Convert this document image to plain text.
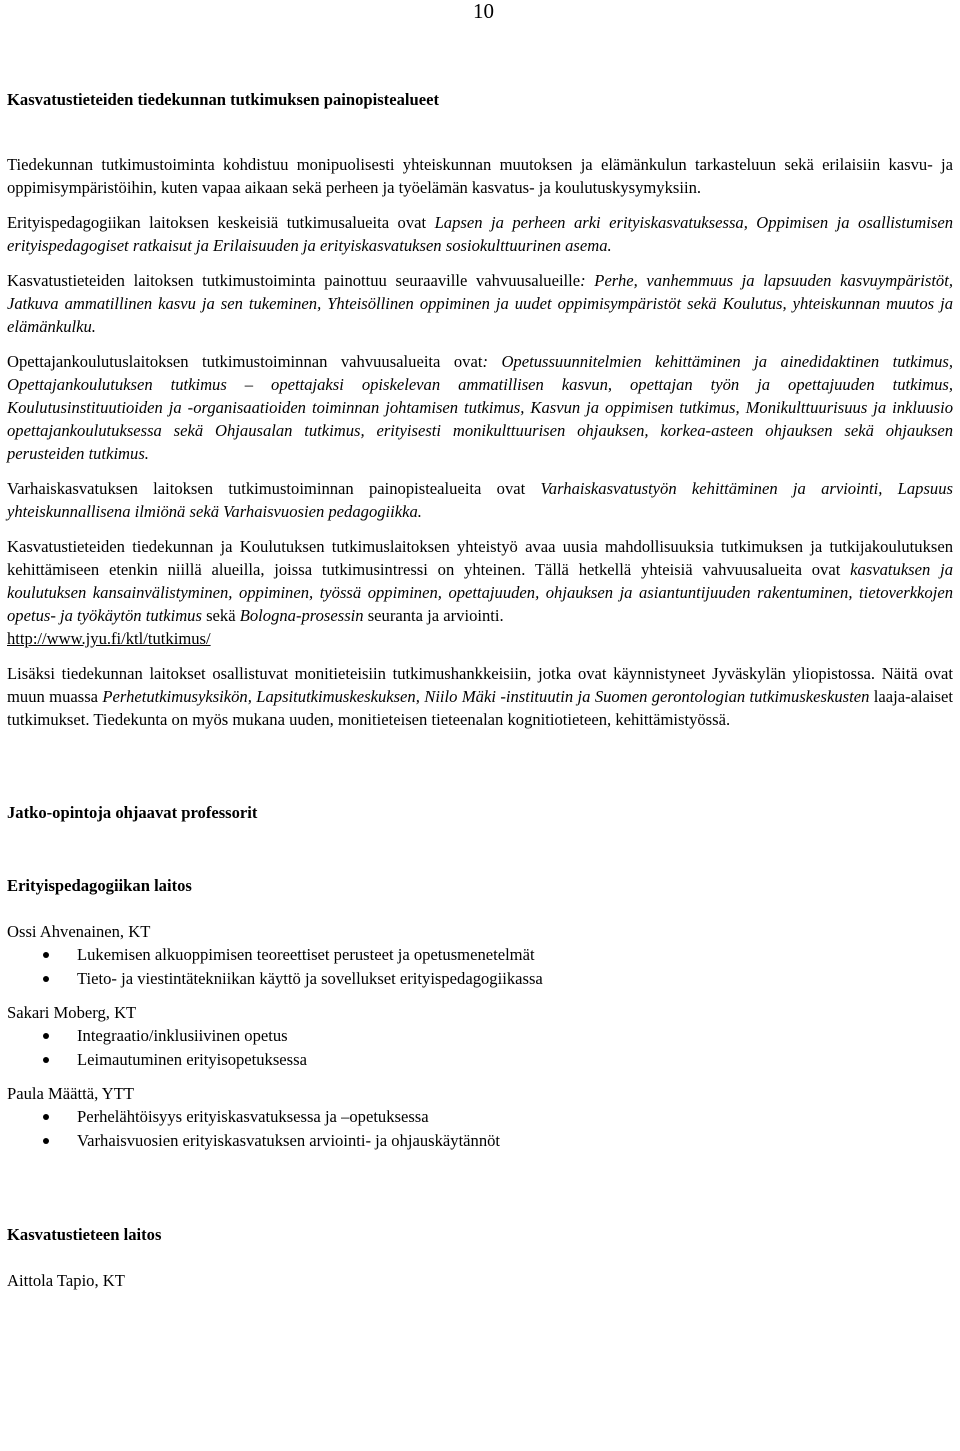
10
Kasvatustieteiden tiedekunnan tutkimuksen painopistealueet

Tiedekunnan tutkimustoiminta kohdistuu monipuolisesti yhteiskunnan muutoksen ja elämänkulun tarkasteluun sekä erilaisiin kasvu- ja oppimisympäristöihin, kuten vapaa aikaan sekä perheen ja työelämän kasvatus- ja koulutuskysymyksiin.

Erityispedagogiikan laitoksen keskeisiä tutkimusalueita ovat Lapsen ja perheen arki erityiskasvatuksessa, Oppimisen ja osallistumisen erityispedagogiset ratkaisut ja Erilaisuuden ja erityiskasvatuksen sosiokulttuurinen asema.

Kasvatustieteiden laitoksen tutkimustoiminta painottuu seuraaville vahvuusalueille: Perhe, vanhemmuus ja lapsuuden kasvuympäristöt, Jatkuva ammatillinen kasvu ja sen tukeminen, Yhteisöllinen oppiminen ja uudet oppimisympäristöt sekä Koulutus, yhteiskunnan muutos ja elämänkulku.

Opettajankoulutuslaitoksen tutkimustoiminnan vahvuusalueita ovat: Opetussuunnitelmien kehittäminen ja ainedidaktinen tutkimus, Opettajankoulutuksen tutkimus – opettajaksi opiskelevan ammatillisen kasvun, opettajan työn ja opettajuuden tutkimus, Koulutusinstituutioiden ja -organisaatioiden toiminnan johtamisen tutkimus, Kasvun ja oppimisen tutkimus, Monikulttuurisuus ja inkluusio opettajankoulutuksessa sekä Ohjausalan tutkimus, erityisesti monikulttuurisen ohjauksen, korkea-asteen ohjauksen sekä ohjauksen perusteiden tutkimus.

Varhaiskasvatuksen laitoksen tutkimustoiminnan painopistealueita ovat Varhaiskasvatustyön kehittäminen ja arviointi, Lapsuus yhteiskunnallisena ilmiönä sekä Varhaisvuosien pedagogiikka.

Kasvatustieteiden tiedekunnan ja Koulutuksen tutkimuslaitoksen yhteistyö avaa uusia mahdollisuuksia tutkimuksen ja tutkijakoulutuksen kehittämiseen etenkin niillä alueilla, joissa tutkimusintressi on yhteinen. Tällä hetkellä yhteisiä vahvuusalueita ovat kasvatuksen ja koulutuksen kansainvälistyminen, oppiminen, työssä oppiminen, opettajuuden, ohjauksen ja asiantuntijuuden rakentuminen, tietoverkkojen opetus- ja työkäytön tutkimus sekä Bologna-prosessin seuranta ja arviointi.
http://www.jyu.fi/ktl/tutkimus/

Lisäksi tiedekunnan laitokset osallistuvat monitieteisiin tutkimushankkeisiin, jotka ovat käynnistyneet Jyväskylän yliopistossa. Näitä ovat muun muassa Perhetutkimusyksikön, Lapsitutkimuskeskuksen, Niilo Mäki -instituutin ja Suomen gerontologian tutkimuskeskusten laaja-alaiset tutkimukset. Tiedekunta on myös mukana uuden, monitieteisen tieteenalan kognitiotieteen, kehittämistyössä.

Jatko-opintoja ohjaavat professorit
Erityispedagogiikan laitos
Ossi Ahvenainen, KT
Lukemisen alkuoppimisen teoreettiset perusteet ja opetusmenetelmät
Tieto- ja viestintätekniikan käyttö ja sovellukset erityispedagogiikassa
Sakari Moberg, KT
Integraatio/inklusiivinen opetus
Leimautuminen erityisopetuksessa
Paula Määttä, YTT
Perhelähtöisyys erityiskasvatuksessa ja –opetuksessa
Varhaisvuosien erityiskasvatuksen arviointi- ja ohjauskäytännöt
Kasvatustieteen laitos
Aittola Tapio, KT
